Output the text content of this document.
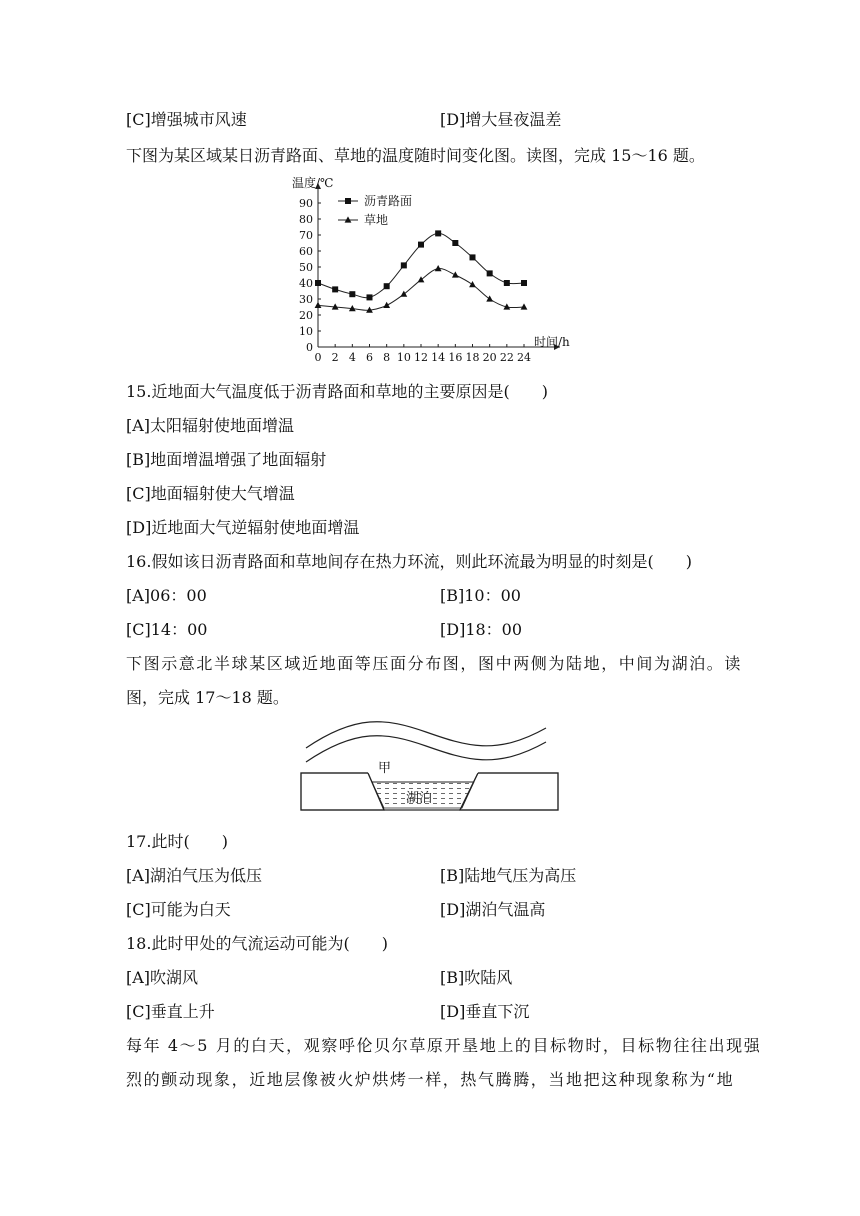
[C]增强城市风速	[D]增大昼夜温差
下图为某区域某日沥青路面、草地的温度随时间变化图。读图，完成 15～16 题。
0
10
20
30
40
50
60
70
80
90
0 2 4 6 8 10 12 14 16 18 20 22 24
温度/℃
时间/h
沥青路面
草地
15.近地面大气温度低于沥青路面和草地的主要原因是(　　)
[A]太阳辐射使地面增温
[B]地面增温增强了地面辐射
[C]地面辐射使大气增温
[D]近地面大气逆辐射使地面增温
16.假如该日沥青路面和草地间存在热力环流，则此环流最为明显的时刻是(　　)
[A]06：00	[B]10：00
[C]14：00	[D]18：00
下图示意北半球某区域近地面等压面分布图，图中两侧为陆地，中间为湖泊。读
图，完成 17～18 题。
甲
湖泊
17.此时(　　)
[A]湖泊气压为低压	[B]陆地气压为高压
[C]可能为白天	[D]湖泊气温高
18.此时甲处的气流运动可能为(　　)
[A]吹湖风	[B]吹陆风
[C]垂直上升	[D]垂直下沉
每年 4～5 月的白天，观察呼伦贝尔草原开垦地上的目标物时，目标物往往出现强
烈的颤动现象，近地层像被火炉烘烤一样，热气腾腾，当地把这种现象称为“地
